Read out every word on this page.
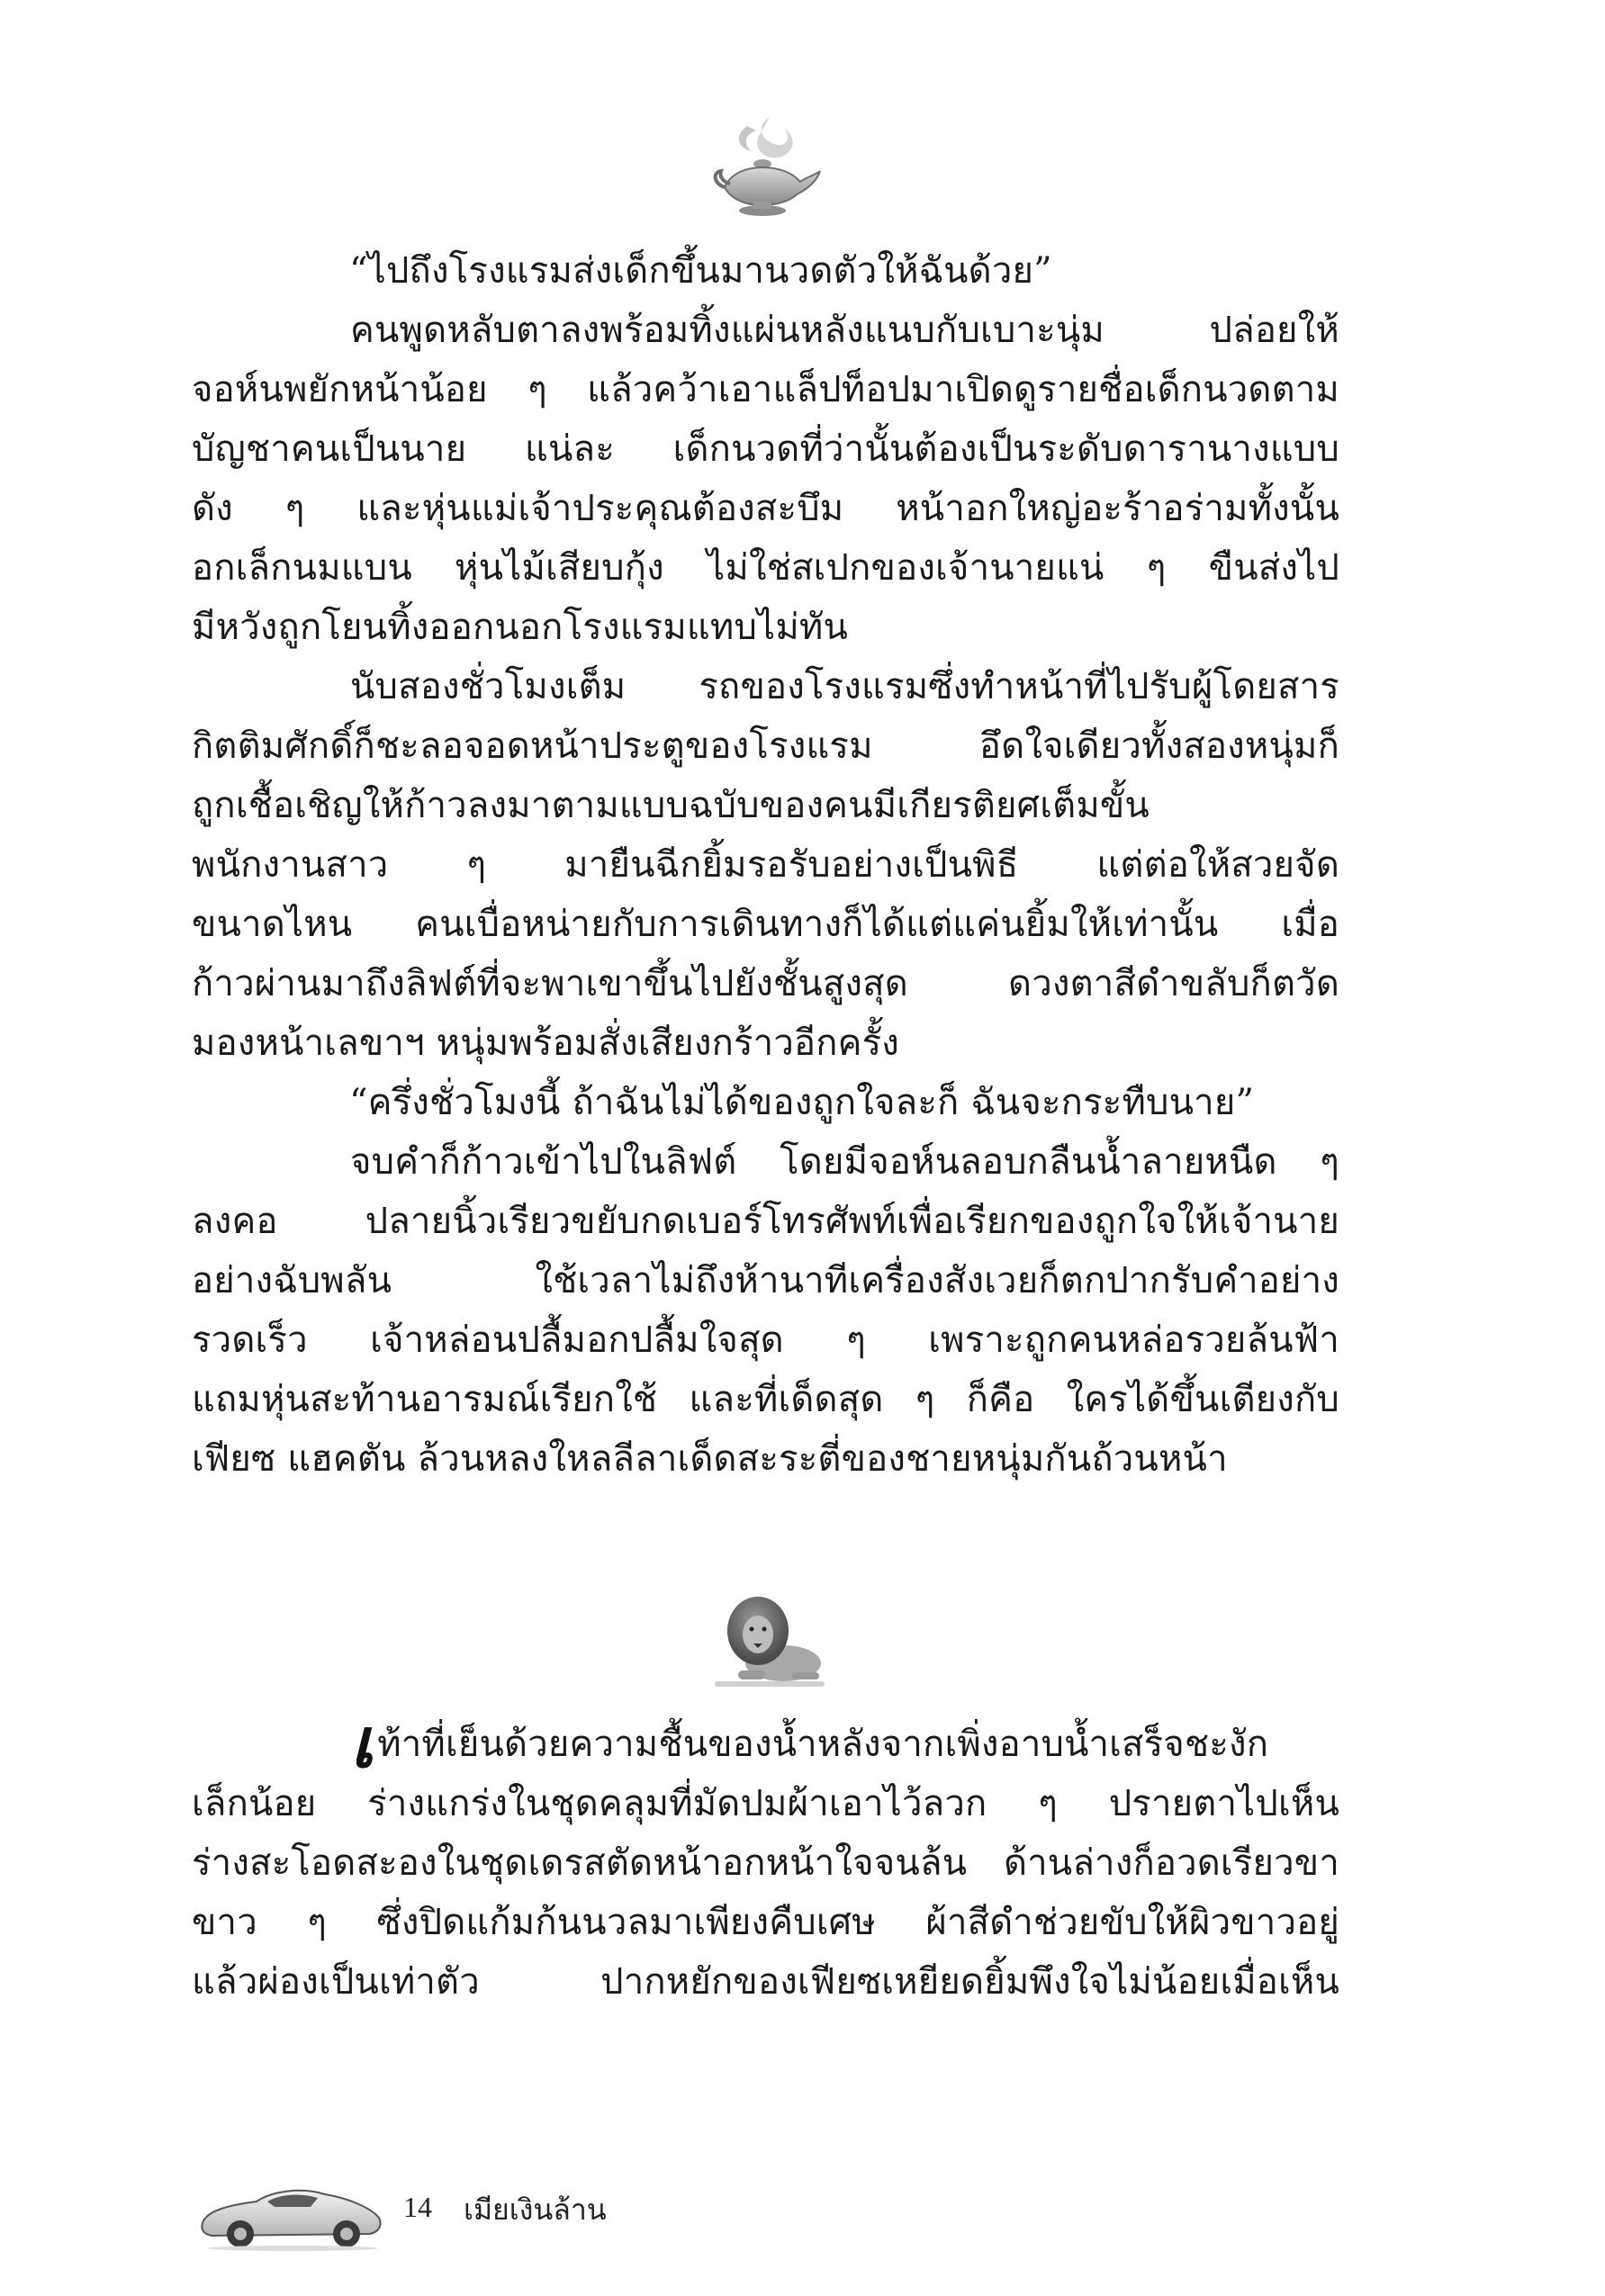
“ไปถึงโรงแรมส่งเด็กขึ้นมานวดตัวให้ฉันด้วย”
คนพูดหลับตาลงพร้อมทิ้งแผ่นหลังแนบกับเบาะนุ่ม ปล่อยให้
จอห์นพยักหน้าน้อย ๆ แล้วคว้าเอาแล็ปท็อปมาเปิดดูรายชื่อเด็กนวดตาม
บัญชาคนเป็นนาย แน่ละ เด็กนวดที่ว่านั้นต้องเป็นระดับดารานางแบบ
ดัง ๆ และหุ่นแม่เจ้าประคุณต้องสะบึม หน้าอกใหญ่อะร้าอร่ามทั้งนั้น
อกเล็กนมแบน หุ่นไม้เสียบกุ้ง ไม่ใช่สเปกของเจ้านายแน่ ๆ ขืนส่งไป
มีหวังถูกโยนทิ้งออกนอกโรงแรมแทบไม่ทัน
นับสองชั่วโมงเต็ม รถของโรงแรมซึ่งทำหน้าที่ไปรับผู้โดยสาร
กิตติมศักดิ์ก็ชะลอจอดหน้าประตูของโรงแรม อึดใจเดียวทั้งสองหนุ่มก็
ถูกเชื้อเชิญให้ก้าวลงมาตามแบบฉบับของคนมีเกียรติยศเต็มขั้น
พนักงานสาว ๆ มายืนฉีกยิ้มรอรับอย่างเป็นพิธี แต่ต่อให้สวยจัด
ขนาดไหน คนเบื่อหน่ายกับการเดินทางก็ได้แต่แค่นยิ้มให้เท่านั้น เมื่อ
ก้าวผ่านมาถึงลิฟต์ที่จะพาเขาขึ้นไปยังชั้นสูงสุด ดวงตาสีดำขลับก็ตวัด
มองหน้าเลขาฯ หนุ่มพร้อมสั่งเสียงกร้าวอีกครั้ง
“ครึ่งชั่วโมงนี้ ถ้าฉันไม่ได้ของถูกใจละก็ ฉันจะกระทืบนาย”
จบคำก็ก้าวเข้าไปในลิฟต์ โดยมีจอห์นลอบกลืนน้ำลายหนืด ๆ
ลงคอ ปลายนิ้วเรียวขยับกดเบอร์โทรศัพท์เพื่อเรียกของถูกใจให้เจ้านาย
อย่างฉับพลัน ใช้เวลาไม่ถึงห้านาทีเครื่องสังเวยก็ตกปากรับคำอย่าง
รวดเร็ว เจ้าหล่อนปลื้มอกปลื้มใจสุด ๆ เพราะถูกคนหล่อรวยล้นฟ้า
แถมหุ่นสะท้านอารมณ์เรียกใช้ และที่เด็ดสุด ๆ ก็คือ ใครได้ขึ้นเตียงกับ
เฟียซ แฮคตัน ล้วนหลงใหลลีลาเด็ดสะระตี่ของชายหนุ่มกันถ้วนหน้า
เท้าที่เย็นด้วยความชื้นของน้ำหลังจากเพิ่งอาบน้ำเสร็จชะงัก
เล็กน้อย ร่างแกร่งในชุดคลุมที่มัดปมผ้าเอาไว้ลวก ๆ ปรายตาไปเห็น
ร่างสะโอดสะองในชุดเดรสตัดหน้าอกหน้าใจจนล้น ด้านล่างก็อวดเรียวขา
ขาว ๆ ซึ่งปิดแก้มก้นนวลมาเพียงคืบเศษ ผ้าสีดำช่วยขับให้ผิวขาวอยู่
แล้วผ่องเป็นเท่าตัว ปากหยักของเฟียซเหยียดยิ้มพึงใจไม่น้อยเมื่อเห็น
14 เมียเงินล้าน
